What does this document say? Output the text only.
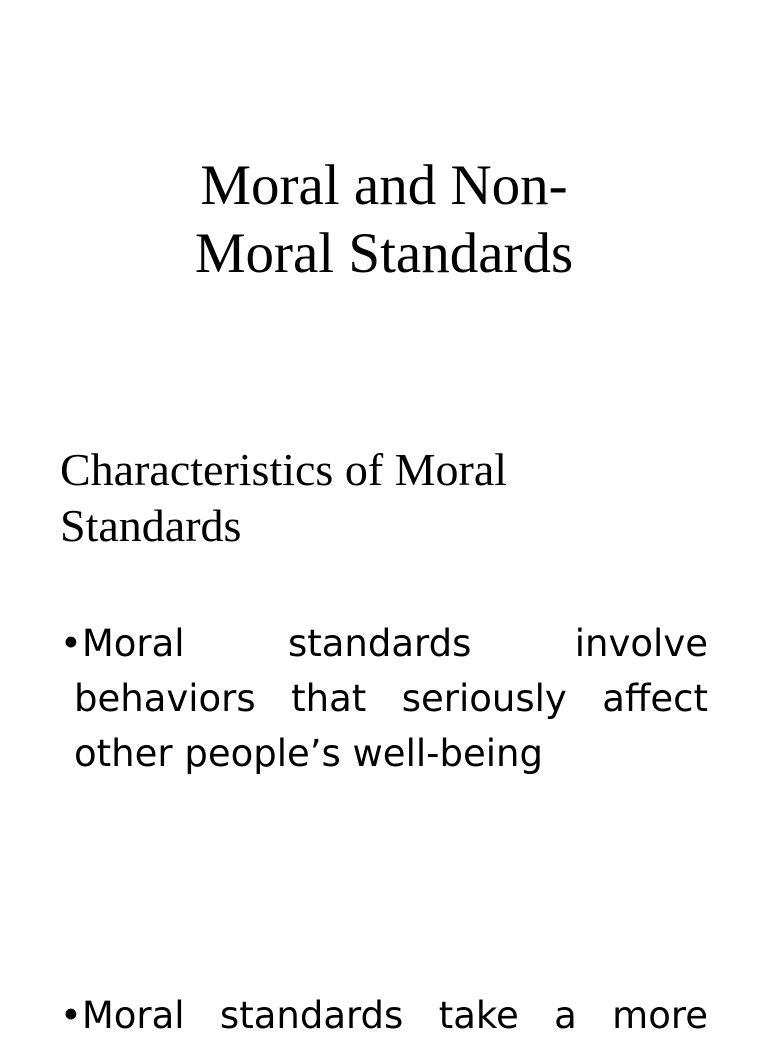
Moral and Non-
Moral Standards
Characteristics of Moral
Standards
•Moral	standards	involve
behaviors that seriously affect
other people’s well-being
•Moral standards take a more
